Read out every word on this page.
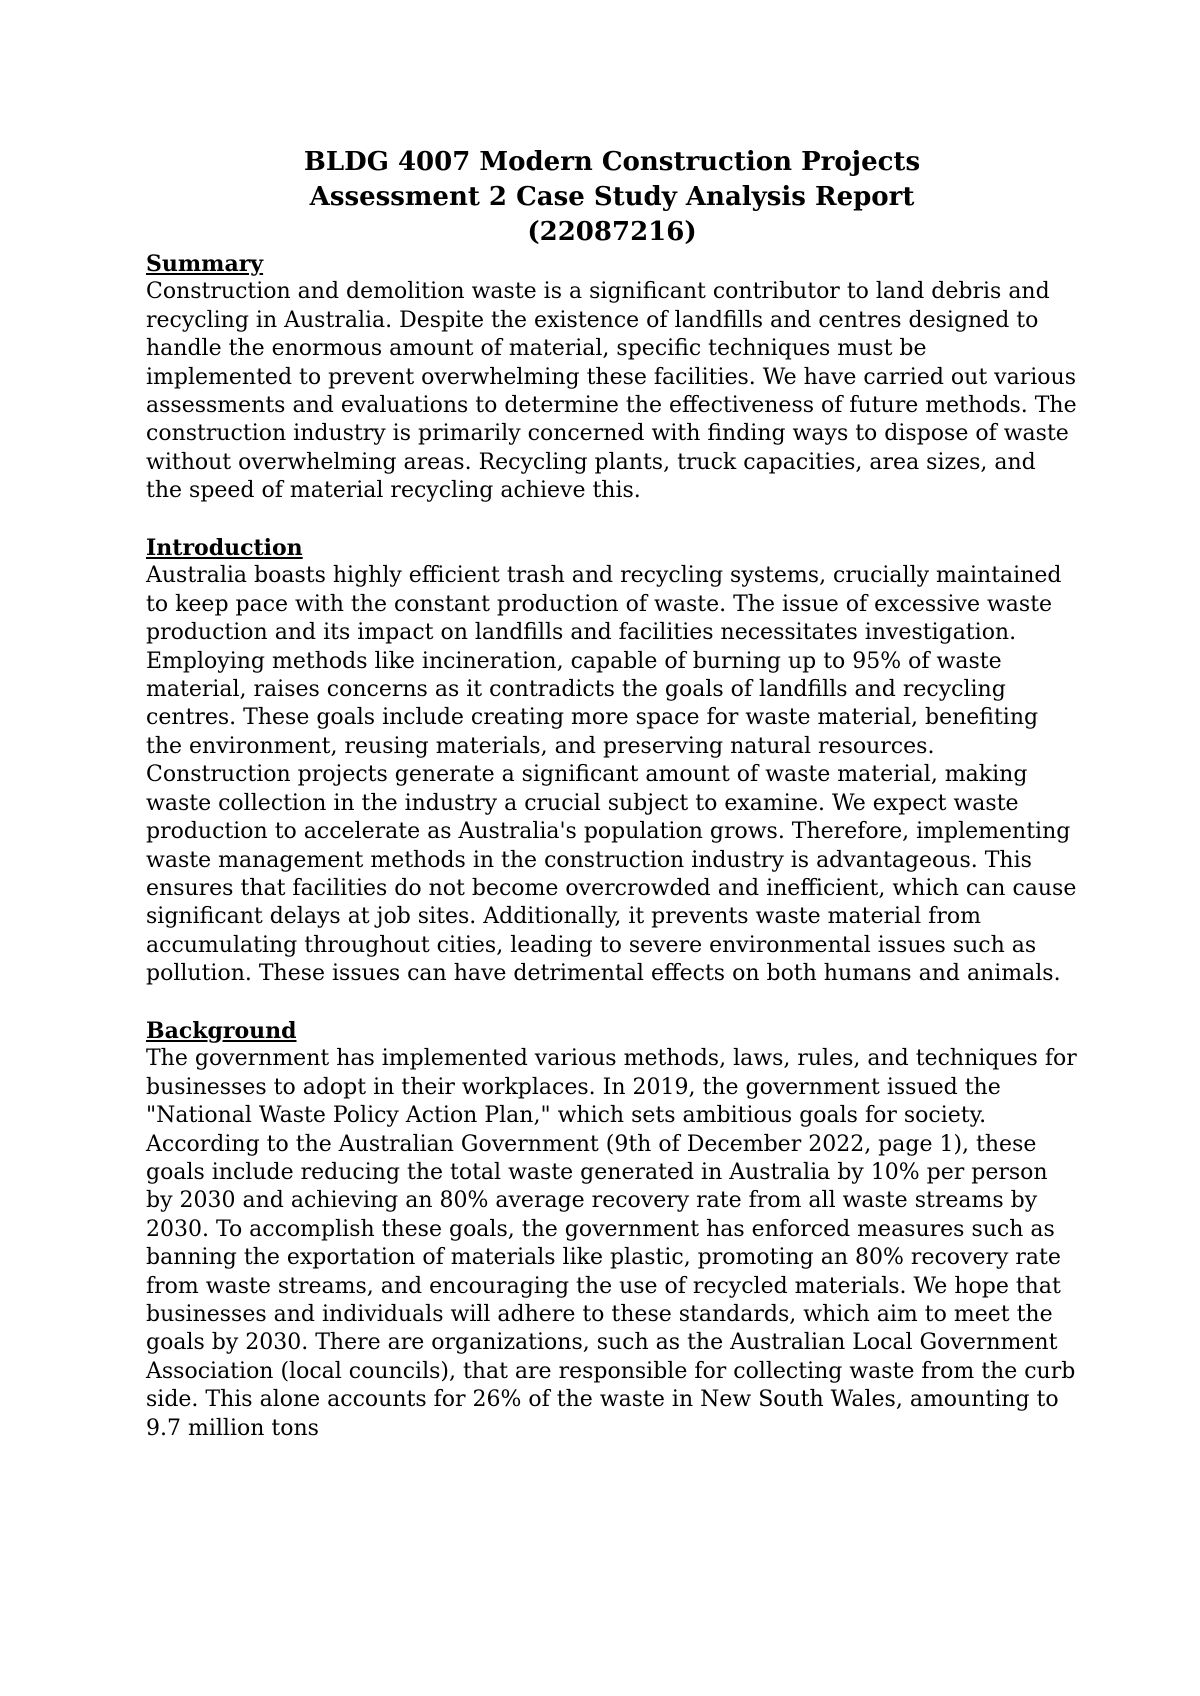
BLDG 4007 Modern Construction Projects
Assessment 2 Case Study Analysis Report
(22087216)
Summary

Construction and demolition waste is a significant contributor to land debris and recycling in Australia. Despite the existence of landfills and centres designed to handle the enormous amount of material, specific techniques must be implemented to prevent overwhelming these facilities. We have carried out various assessments and evaluations to determine the effectiveness of future methods. The construction industry is primarily concerned with finding ways to dispose of waste without overwhelming areas. Recycling plants, truck capacities, area sizes, and the speed of material recycling achieve this.

Introduction

Australia boasts highly efficient trash and recycling systems, crucially maintained to keep pace with the constant production of waste. The issue of excessive waste production and its impact on landfills and facilities necessitates investigation. Employing methods like incineration, capable of burning up to 95% of waste material, raises concerns as it contradicts the goals of landfills and recycling centres. These goals include creating more space for waste material, benefiting the environment, reusing materials, and preserving natural resources. Construction projects generate a significant amount of waste material, making waste collection in the industry a crucial subject to examine. We expect waste production to accelerate as Australia's population grows. Therefore, implementing waste management methods in the construction industry is advantageous. This ensures that facilities do not become overcrowded and inefficient, which can cause significant delays at job sites. Additionally, it prevents waste material from accumulating throughout cities, leading to severe environmental issues such as pollution. These issues can have detrimental effects on both humans and animals.

Background

The government has implemented various methods, laws, rules, and techniques for businesses to adopt in their workplaces. In 2019, the government issued the "National Waste Policy Action Plan," which sets ambitious goals for society. According to the Australian Government (9th of December 2022, page 1), these goals include reducing the total waste generated in Australia by 10% per person by 2030 and achieving an 80% average recovery rate from all waste streams by 2030. To accomplish these goals, the government has enforced measures such as banning the exportation of materials like plastic, promoting an 80% recovery rate from waste streams, and encouraging the use of recycled materials. We hope that businesses and individuals will adhere to these standards, which aim to meet the goals by 2030. There are organizations, such as the Australian Local Government Association (local councils), that are responsible for collecting waste from the curb side. This alone accounts for 26% of the waste in New South Wales, amounting to 9.7 million tons
